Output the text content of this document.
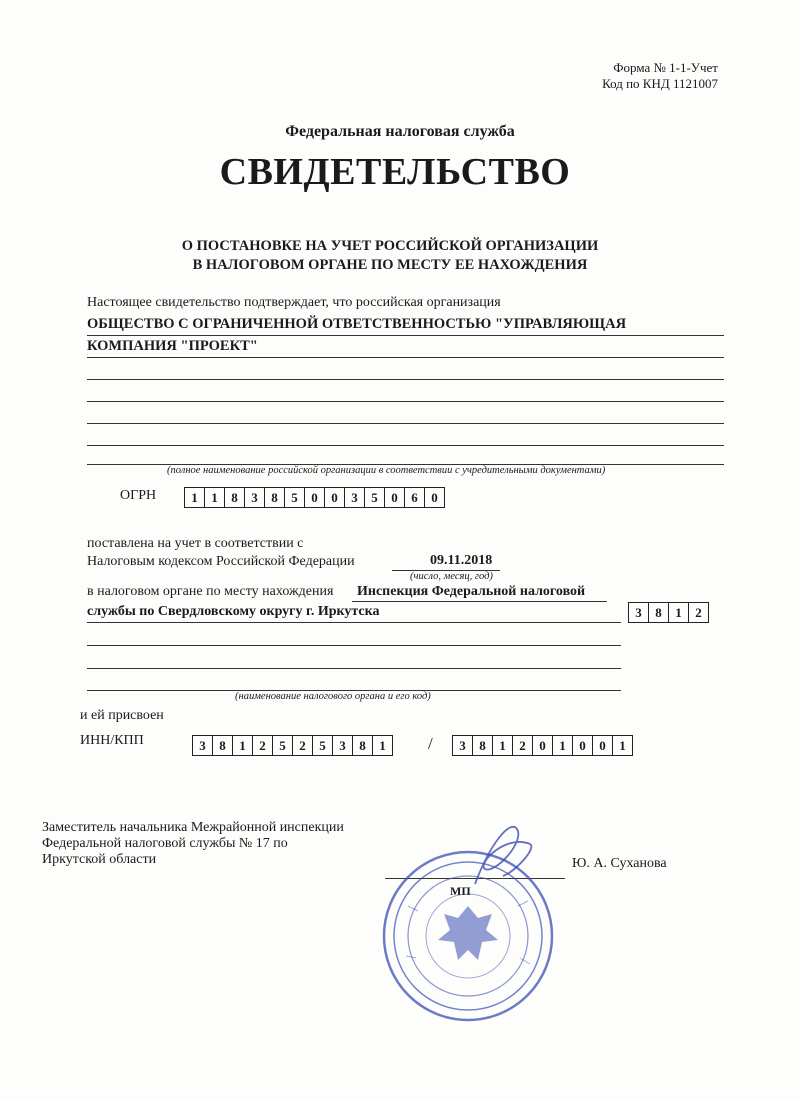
Форма № 1-1-Учет
Код по КНД 1121007
Федеральная налоговая служба
СВИДЕТЕЛЬСТВО
О ПОСТАНОВКЕ НА УЧЕТ РОССИЙСКОЙ ОРГАНИЗАЦИИ
В НАЛОГОВОМ ОРГАНЕ ПО МЕСТУ ЕЕ НАХОЖДЕНИЯ
Настоящее свидетельство подтверждает, что российская организация
ОБЩЕСТВО С ОГРАНИЧЕННОЙ ОТВЕТСТВЕННОСТЬЮ "УПРАВЛЯЮЩАЯ
КОМПАНИЯ "ПРОЕКТ"
(полное наименование российской организации в соответствии с учредительными документами)
ОГРН	1	1	8	3	8	5	0	0	3	5	0	6	0
поставлена на учет в соответствии с
Налоговым кодексом Российской Федерации	09.11.2018
(число, месяц, год)
в налоговом органе по месту нахождения Инспекция Федеральной налоговой
службы по Свердловскому округу г. Иркутска	3	8	1	2
(наименование налогового органа и его код)
и ей присвоен
ИНН/КПП	3	8	1	2	5	2	5	3	8	1	/	3	8	1	2	0	1	0	0	1
Заместитель начальника Межрайонной инспекции
Федеральной налоговой службы № 17 по
Иркутской области	Ю. А. Суханова
МП
